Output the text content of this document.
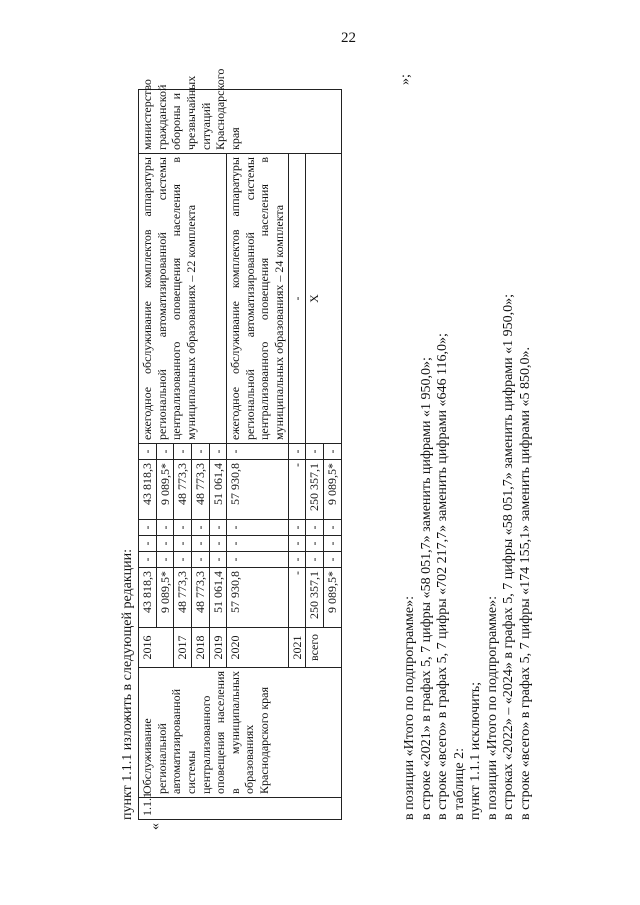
22
пункт 1.1.1 изложить в следующей редакции:
«
1.1.1	Обслуживание региональной автоматизированной системы централизованного оповещения населения в муниципальных образованиях Краснодарского края	2016	43 818,3	-	-	-	43 818,3	-	ежегодное обслуживание комплектов аппаратуры региональной автоматизированной системы централизованного оповещения населения в муниципальных образованиях – 22 комплекта	министерство гражданской обороны и чрезвычайных ситуаций Краснодарского края
			9 089,5*	-	-	-	9 089,5*	-		
		2017	48 773,3	-	-	-	48 773,3	-		
		2018	48 773,3	-	-	-	48 773,3	-		
		2019	51 061,4	-	-	-	51 061,4	-		
		2020	57 930,8	-	-	-	57 930,8	-	ежегодное обслуживание комплектов аппаратуры региональной автоматизированной системы централизованного оповещения населения в муниципальных образованиях – 24 комплекта	
		2021	-	-	-	-	-	-	-	
		всего	250 357,1	-	-	-	250 357,1	-	Х	
			9 089,5*	-	-	-	9 089,5*	-		
»;
в позиции «Итого по подпрограмме»: в строке «2021» в графах 5, 7 цифры «58 051,7» заменить цифрами «1 950,0»; в строке «всего» в графах 5, 7 цифры «702 217,7» заменить цифрами «646 116,0»; в таблице 2: пункт 1.1.1 исключить; в позиции «Итого по подпрограмме»: в строках «2022» – «2024» в графах 5, 7 цифры «58 051,7» заменить цифрами «1 950,0»; в строке «всего» в графах 5, 7 цифры «174 155,1» заменить цифрами «5 850,0».
